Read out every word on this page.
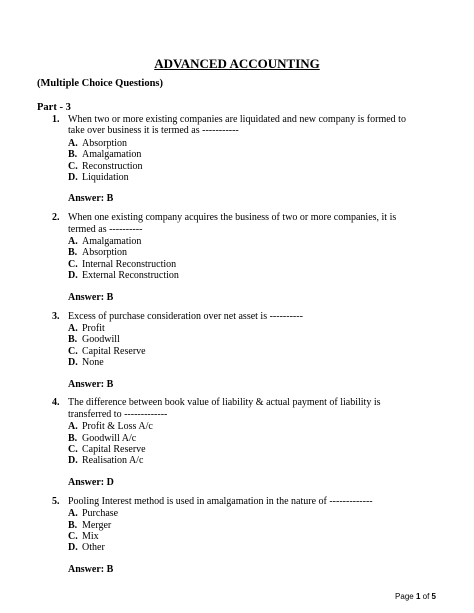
ADVANCED ACCOUNTING
(Multiple Choice Questions)
Part - 3
1. When two or more existing companies are liquidated and new company is formed to take over business it is termed as -----------
A. Absorption
B. Amalgamation
C. Reconstruction
D. Liquidation
Answer: B
2. When one existing company acquires the business of two or more companies, it is termed as ----------
A. Amalgamation
B. Absorption
C. Internal Reconstruction
D. External Reconstruction
Answer: B
3. Excess of purchase consideration over net asset is ----------
A. Profit
B. Goodwill
C. Capital Reserve
D. None
Answer: B
4. The difference between book value of liability & actual payment of liability is transferred to -------------
A. Profit & Loss A/c
B. Goodwill A/c
C. Capital Reserve
D. Realisation A/c
Answer: D
5. Pooling Interest method is used in amalgamation in the nature of -------------
A. Purchase
B. Merger
C. Mix
D. Other
Answer: B
Page 1 of 5
